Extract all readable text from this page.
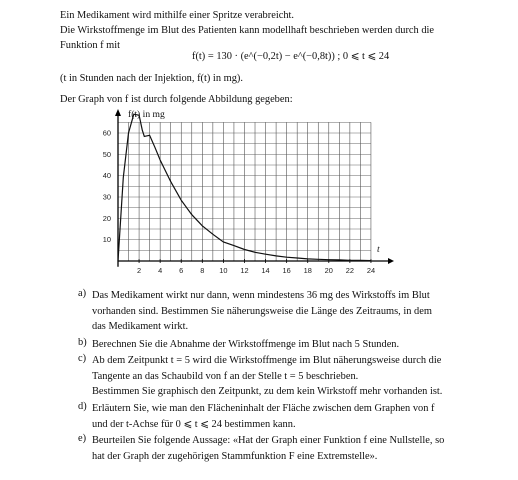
Ein Medikament wird mithilfe einer Spritze verabreicht.
Die Wirkstoffmenge im Blut des Patienten kann modellhaft beschrieben werden durch die
Funktion f mit
f(t) = 130 · (e^(−0,2t) − e^(−0,8t)) ; 0 ⩽ t ⩽ 24
(t in Stunden nach der Injektion, f(t) in mg).
Der Graph von f ist durch folgende Abbildung gegeben:
2 4 6 8 10 12 14 16 18 20 22 24
10
20
30
40
50
60
f(t) in mg
t
a) Das Medikament wirkt nur dann, wenn mindestens 36 mg des Wirkstoffs im Blut
vorhanden sind. Bestimmen Sie näherungsweise die Länge des Zeitraums, in dem
das Medikament wirkt.
b) Berechnen Sie die Abnahme der Wirkstoffmenge im Blut nach 5 Stunden.
c) Ab dem Zeitpunkt t = 5 wird die Wirkstoffmenge im Blut näherungsweise durch die
Tangente an das Schaubild von f an der Stelle t = 5 beschrieben.
Bestimmen Sie graphisch den Zeitpunkt, zu dem kein Wirkstoff mehr vorhanden ist.
d) Erläutern Sie, wie man den Flächeninhalt der Fläche zwischen dem Graphen von f
und der t-Achse für 0 ⩽ t ⩽ 24 bestimmen kann.
e) Beurteilen Sie folgende Aussage: «Hat der Graph einer Funktion f eine Nullstelle, so
hat der Graph der zugehörigen Stammfunktion F eine Extremstelle».
